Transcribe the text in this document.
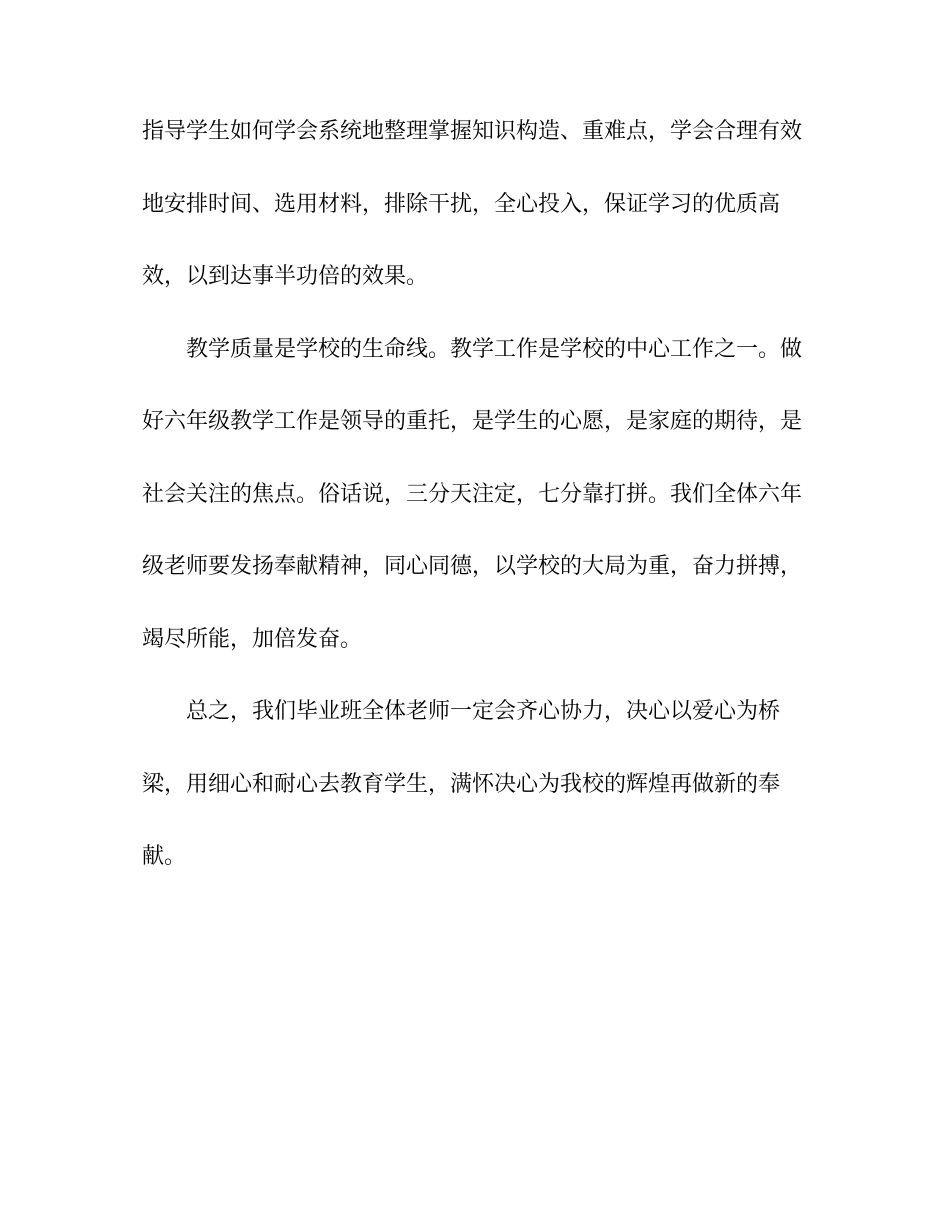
指导学生如何学会系统地整理掌握知识构造、重难点，学会合理有效
地安排时间、选用材料，排除干扰，全心投入，保证学习的优质高
效，以到达事半功倍的效果。
教学质量是学校的生命线。教学工作是学校的中心工作之一。做
好六年级教学工作是领导的重托，是学生的心愿，是家庭的期待，是
社会关注的焦点。俗话说，三分天注定，七分靠打拼。我们全体六年
级老师要发扬奉献精神，同心同德，以学校的大局为重，奋力拼搏，
竭尽所能，加倍发奋。
总之，我们毕业班全体老师一定会齐心协力，决心以爱心为桥
梁，用细心和耐心去教育学生，满怀决心为我校的辉煌再做新的奉
献。
